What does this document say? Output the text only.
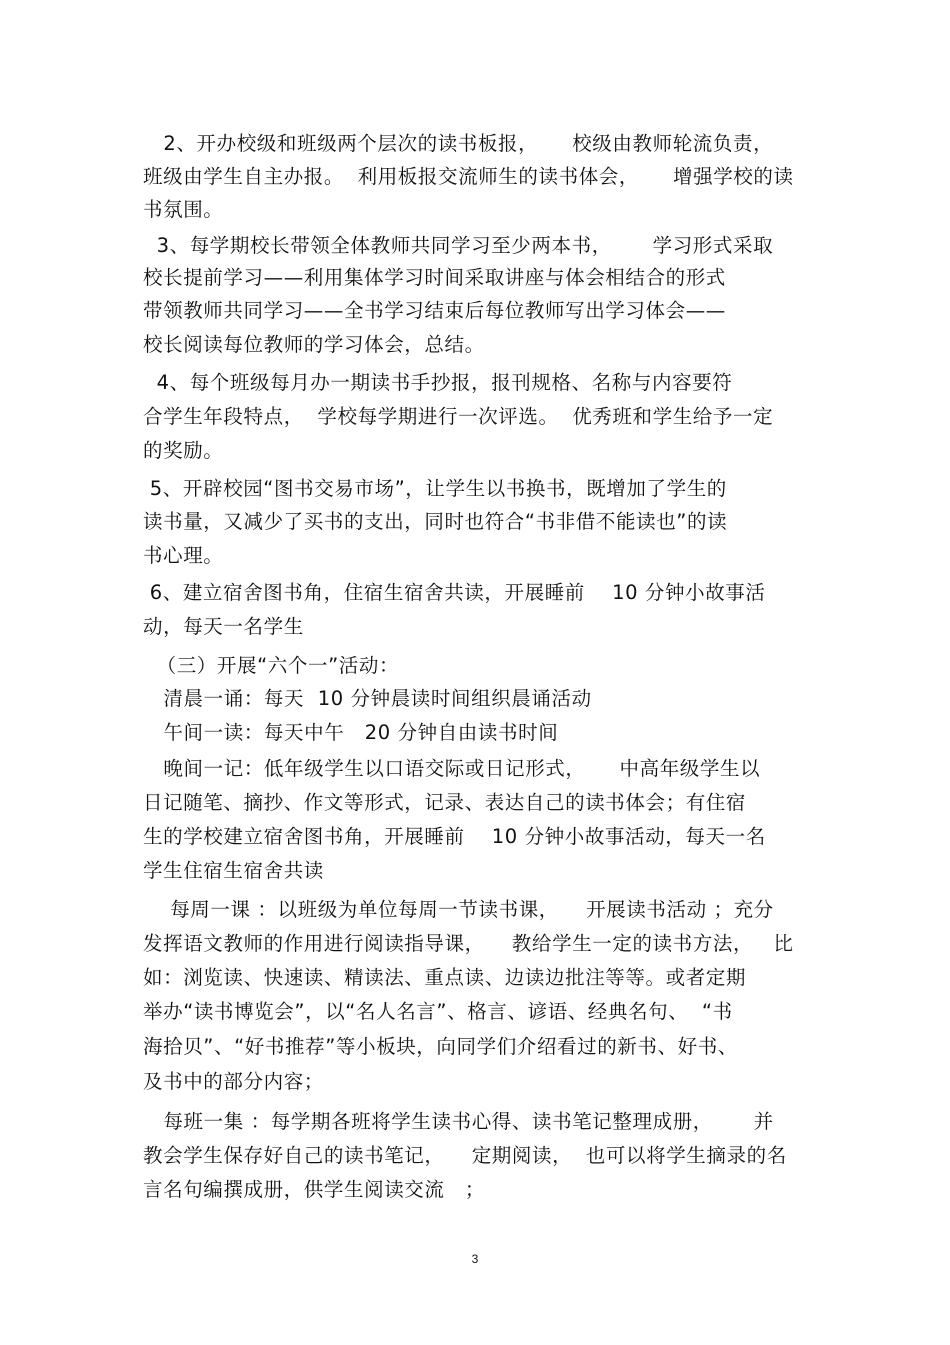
2、开办校级和班级两个层次的读书板报，     校级由教师轮流负责，
班级由学生自主办报。  利用板报交流师生的读书体会，     增强学校的读
书氛围。
3、每学期校长带领全体教师共同学习至少两本书，      学习形式采取
校长提前学习——利用集体学习时间采取讲座与体会相结合的形式
带领教师共同学习——全书学习结束后每位教师写出学习体会——
校长阅读每位教师的学习体会，总结。
4、每个班级每月办一期读书手抄报，报刊规格、名称与内容要符
合学生年段特点，  学校每学期进行一次评选。  优秀班和学生给予一定
的奖励。
5、开辟校园“图书交易市场”，让学生以书换书，既增加了学生的
读书量，又减少了买书的支出，同时也符合“书非借不能读也”的读
书心理。
6、建立宿舍图书角，住宿生宿舍共读，开展睡前    10 分钟小故事活
动，每天一名学生
（三）开展“六个一”活动：
清晨一诵：每天  10 分钟晨读时间组织晨诵活动
午间一读：每天中午   20 分钟自由读书时间
晚间一记：低年级学生以口语交际或日记形式，     中高年级学生以
日记随笔、摘抄、作文等形式，记录、表达自己的读书体会；有住宿
生的学校建立宿舍图书角，开展睡前    10 分钟小故事活动，每天一名
学生住宿生宿舍共读
每周一课 ：以班级为单位每周一节读书课，    开展读书活动 ；充分
发挥语文教师的作用进行阅读指导课，    教给学生一定的读书方法，   比
如：浏览读、快速读、精读法、重点读、边读边批注等等。或者定期
举办“读书博览会”，以“名人名言”、格言、谚语、经典名句、  “书
海拾贝”、“好书推荐”等小板块，向同学们介绍看过的新书、好书、
及书中的部分内容；
每班一集 ：每学期各班将学生读书心得、读书笔记整理成册，      并
教会学生保存好自己的读书笔记，    定期阅读，  也可以将学生摘录的名
言名句编撰成册，供学生阅读交流   ；
3
